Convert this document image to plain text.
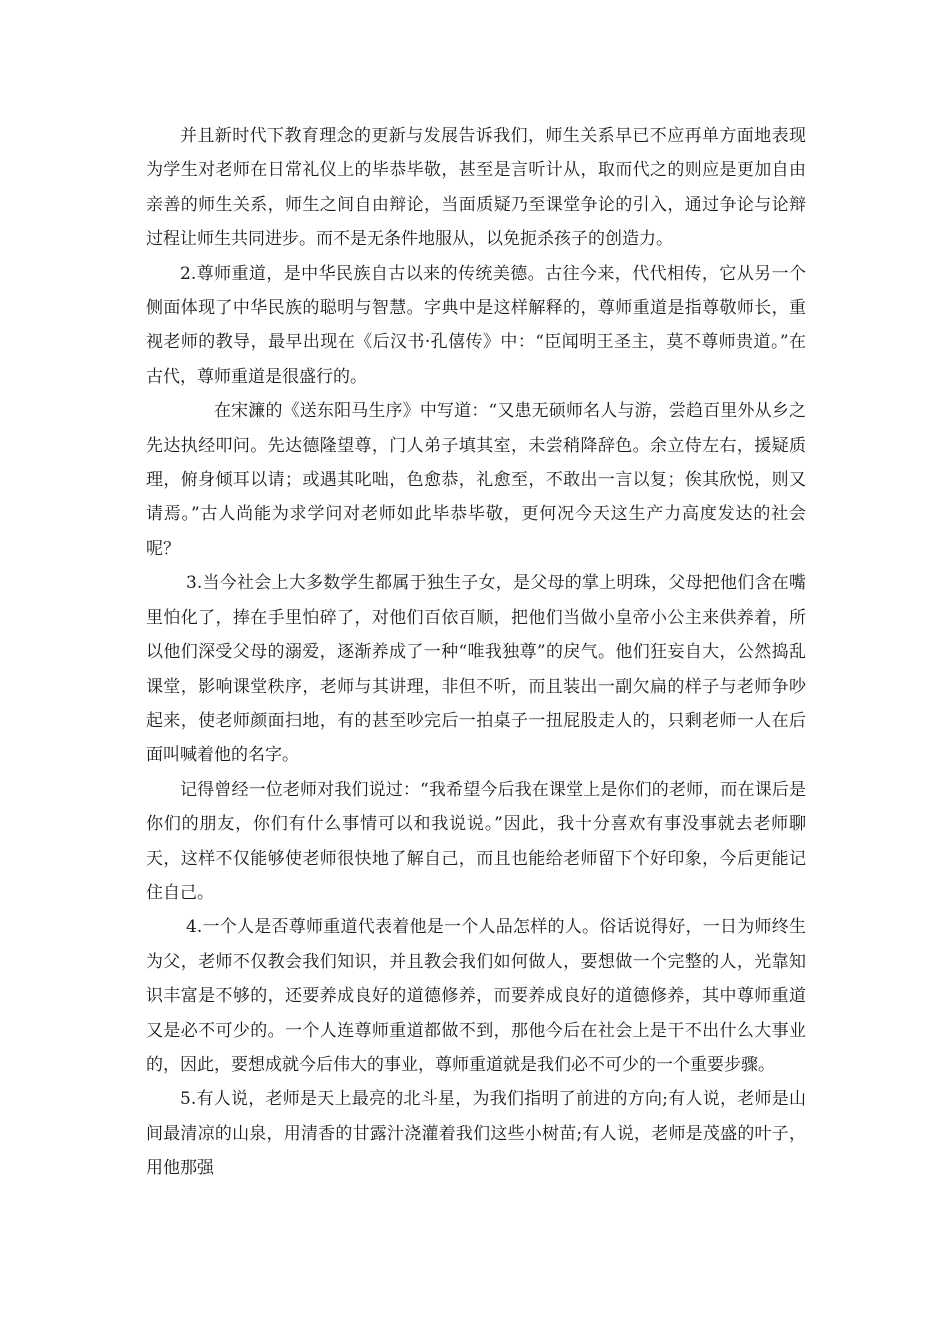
并且新时代下教育理念的更新与发展告诉我们，师生关系早已不应再单方面地表现为学生对老师在日常礼仪上的毕恭毕敬，甚至是言听计从，取而代之的则应是更加自由亲善的师生关系，师生之间自由辩论，当面质疑乃至课堂争论的引入，通过争论与论辩过程让师生共同进步。而不是无条件地服从，以免扼杀孩子的创造力。

2.尊师重道，是中华民族自古以来的传统美德。古往今来，代代相传，它从另一个侧面体现了中华民族的聪明与智慧。字典中是这样解释的，尊师重道是指尊敬师长，重视老师的教导，最早出现在《后汉书·孔僖传》中：“臣闻明王圣主，莫不尊师贵道。”在古代，尊师重道是很盛行的。

在宋濂的《送东阳马生序》中写道：“又患无硕师名人与游，尝趋百里外从乡之先达执经叩问。先达德隆望尊，门人弟子填其室，未尝稍降辞色。余立侍左右，援疑质理，俯身倾耳以请；或遇其叱咄，色愈恭，礼愈至，不敢出一言以复；俟其欣悦，则又请焉。”古人尚能为求学问对老师如此毕恭毕敬，更何况今天这生产力高度发达的社会呢？

3.当今社会上大多数学生都属于独生子女，是父母的掌上明珠，父母把他们含在嘴里怕化了，捧在手里怕碎了，对他们百依百顺，把他们当做小皇帝小公主来供养着，所以他们深受父母的溺爱，逐渐养成了一种“唯我独尊”的戾气。他们狂妄自大，公然捣乱课堂，影响课堂秩序，老师与其讲理，非但不听，而且装出一副欠扁的样子与老师争吵起来，使老师颜面扫地，有的甚至吵完后一拍桌子一扭屁股走人的，只剩老师一人在后面叫喊着他的名字。

记得曾经一位老师对我们说过：“我希望今后我在课堂上是你们的老师，而在课后是你们的朋友，你们有什么事情可以和我说说。”因此，我十分喜欢有事没事就去老师聊天，这样不仅能够使老师很快地了解自己，而且也能给老师留下个好印象，今后更能记住自己。

4.一个人是否尊师重道代表着他是一个人品怎样的人。俗话说得好，一日为师终生为父，老师不仅教会我们知识，并且教会我们如何做人，要想做一个完整的人，光靠知识丰富是不够的，还要养成良好的道德修养，而要养成良好的道德修养，其中尊师重道又是必不可少的。一个人连尊师重道都做不到，那他今后在社会上是干不出什么大事业的，因此，要想成就今后伟大的事业，尊师重道就是我们必不可少的一个重要步骤。

5.有人说，老师是天上最亮的北斗星，为我们指明了前进的方向;有人说，老师是山间最清凉的山泉，用清香的甘露汁浇灌着我们这些小树苗;有人说，老师是茂盛的叶子，用他那强
